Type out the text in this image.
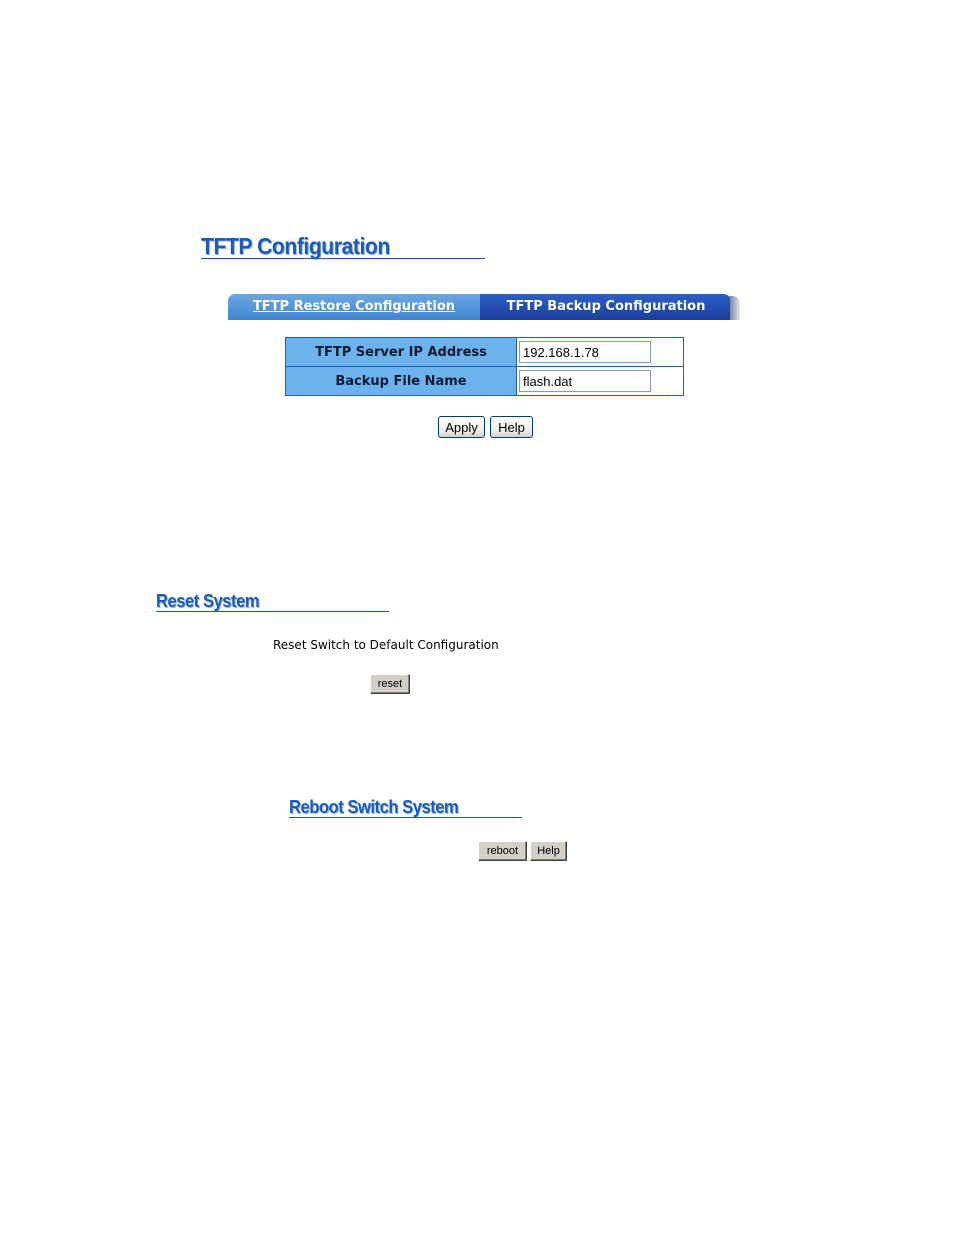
TFTP Configuration
TFTP Restore Configuration	TFTP Backup Configuration
TFTP Server IP Address	192.168.1.78
Backup File Name	flash.dat
Apply	Help
Reset System
Reset Switch to Default Configuration
reset
Reboot Switch System
reboot	Help
